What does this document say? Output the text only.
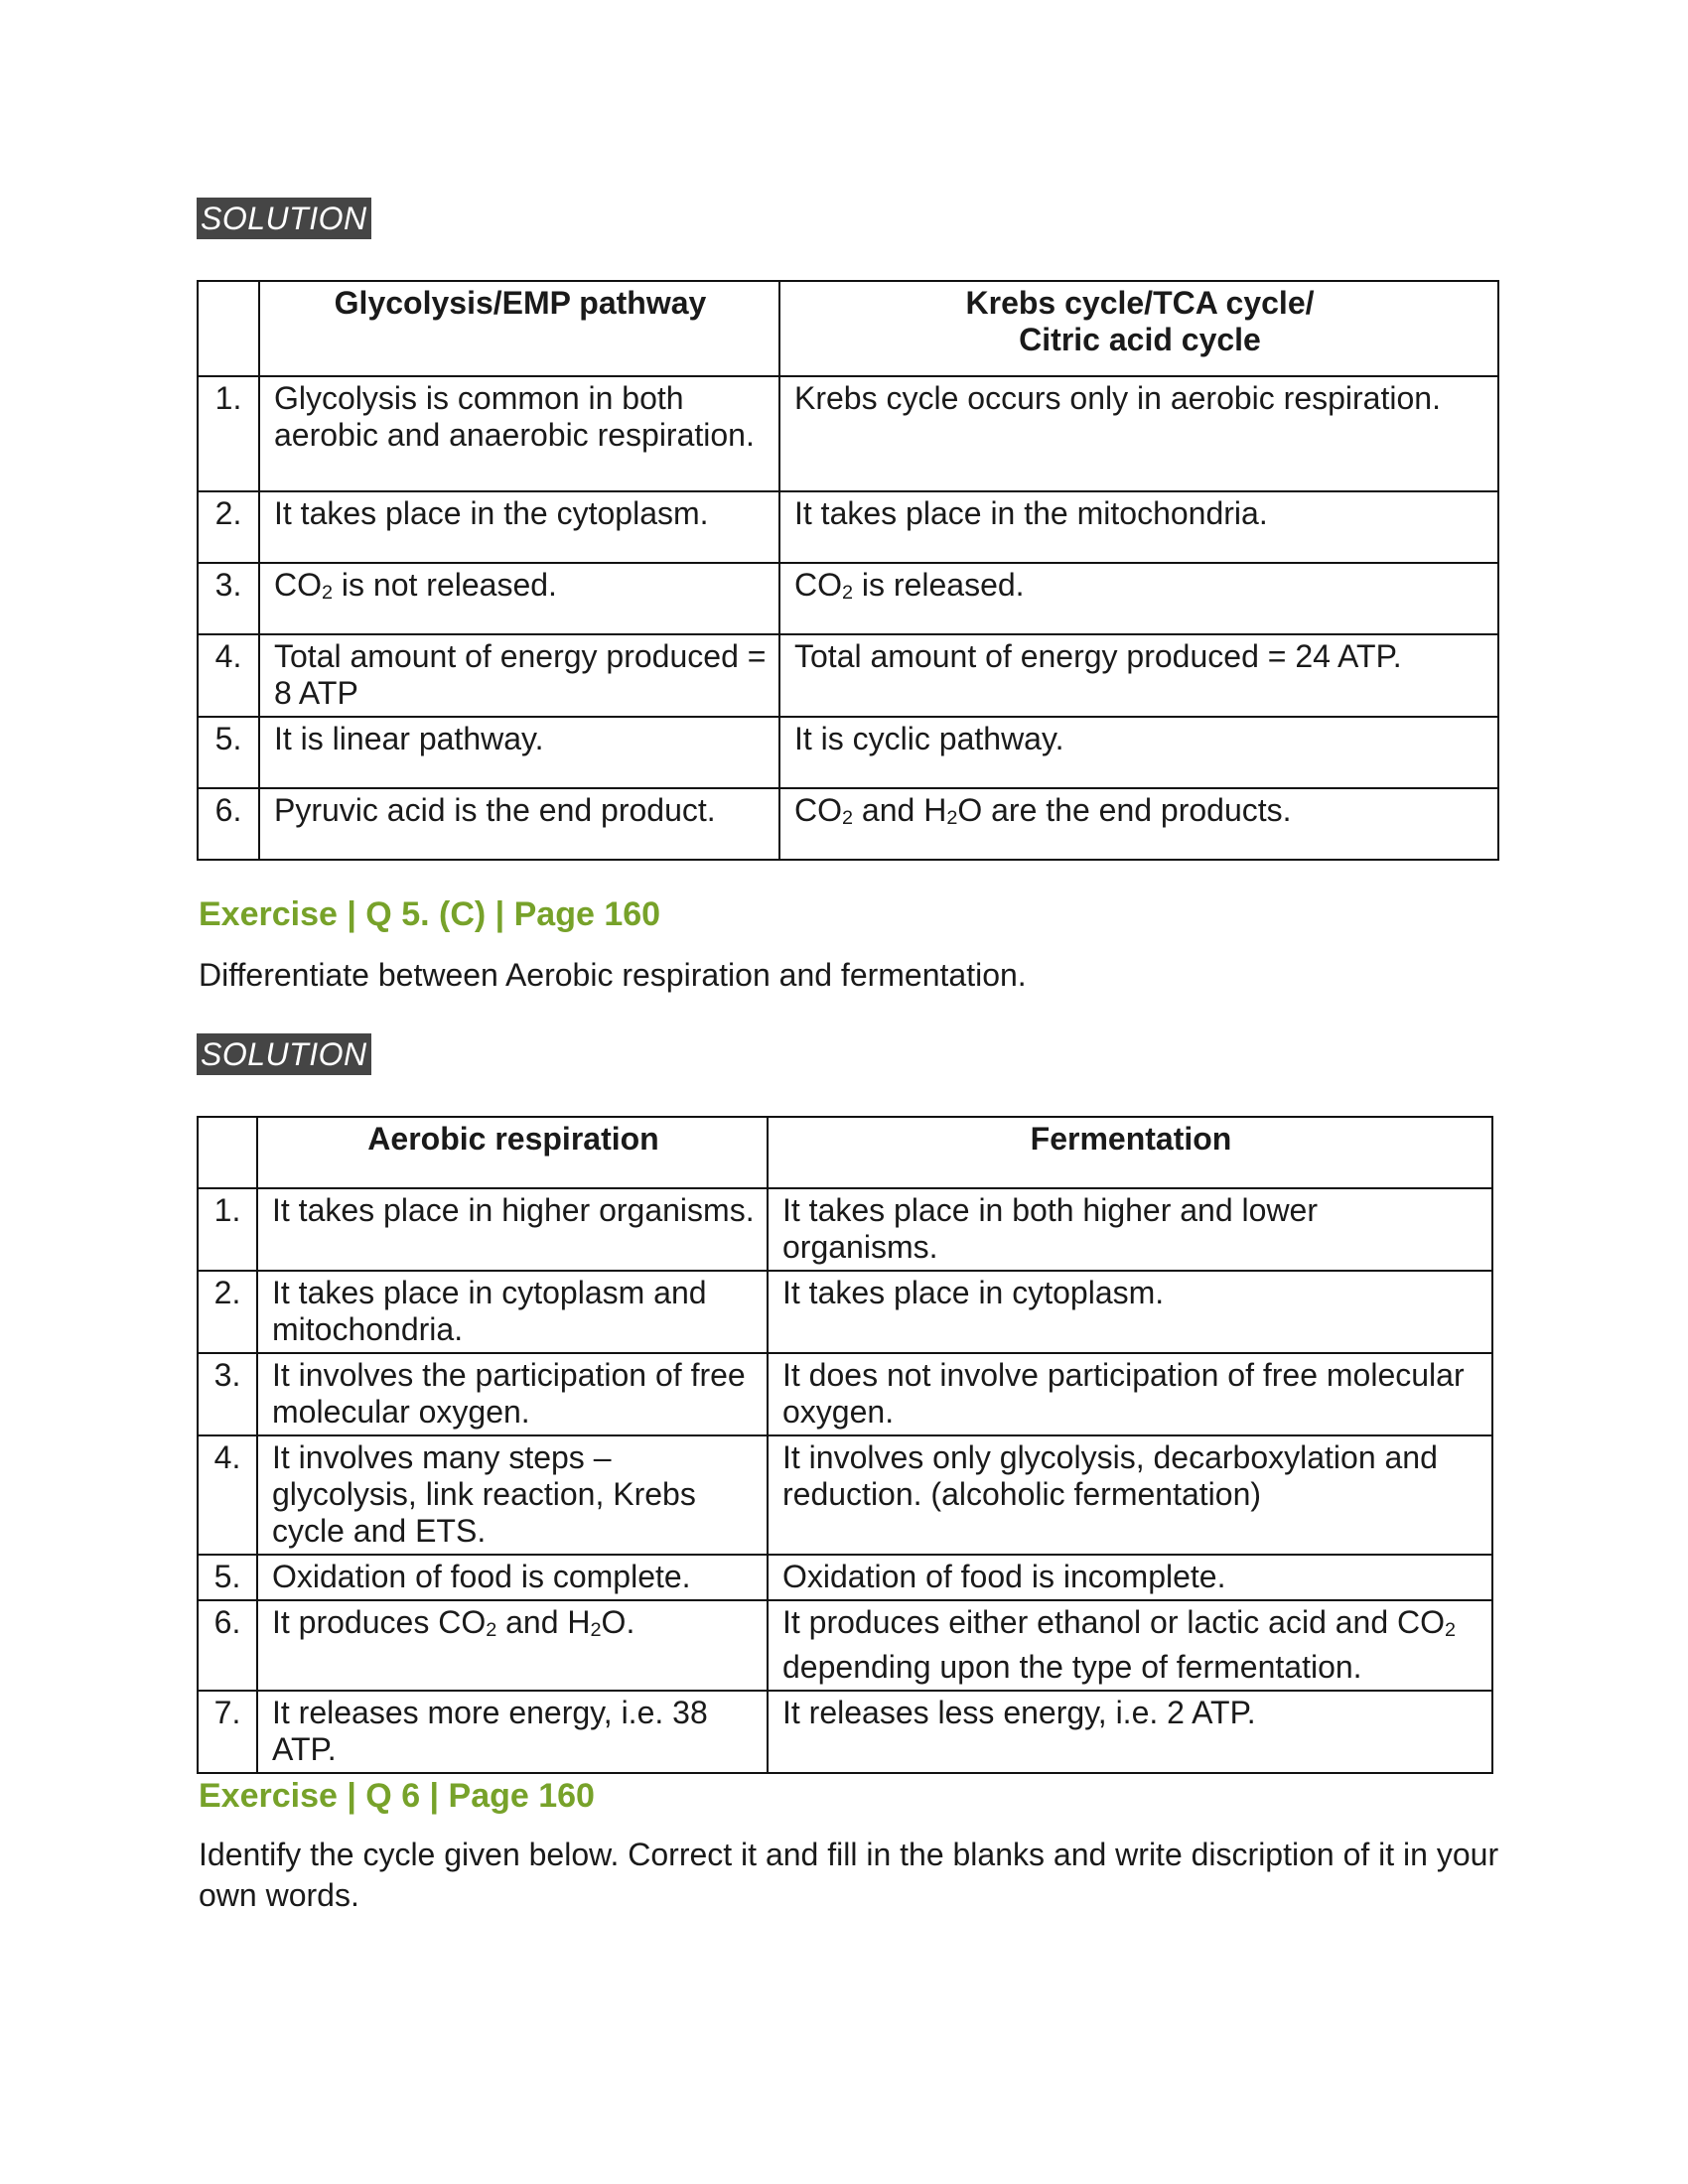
SOLUTION
	Glycolysis/EMP pathway	Krebs cycle/TCA cycle/
Citric acid cycle
1.	Glycolysis is common in both aerobic and anaerobic respiration.	Krebs cycle occurs only in aerobic respiration.
2.	It takes place in the cytoplasm.	It takes place in the mitochondria.
3.	$CO_2$ is not released.	$CO_2$ is released.
4.	Total amount of energy produced = 8 ATP	Total amount of energy produced = 24 ATP.
5.	It is linear pathway.	It is cyclic pathway.
6.	Pyruvic acid is the end product.	$CO_2$ and $H_2O$ are the end products.
Exercise | Q 5. (C) | Page 160
Differentiate between Aerobic respiration and fermentation.
SOLUTION
	Aerobic respiration	Fermentation
1.	It takes place in higher organisms.	It takes place in both higher and lower organisms.
2.	It takes place in cytoplasm and mitochondria.	It takes place in cytoplasm.
3.	It involves the participation of free molecular oxygen.	It does not involve participation of free molecular oxygen.
4.	It involves many steps – glycolysis, link reaction, Krebs cycle and ETS.	It involves only glycolysis, decarboxylation and reduction. (alcoholic fermentation)
5.	Oxidation of food is complete.	Oxidation of food is incomplete.
6.	It produces $CO_2$ and $H_2O$.	It produces either ethanol or lactic acid and $CO_2$ depending upon the type of fermentation.
7.	It releases more energy, i.e. 38 ATP.	It releases less energy, i.e. 2 ATP.
Exercise | Q 6 | Page 160
Identify the cycle given below. Correct it and fill in the blanks and write discription of it in your own words.
